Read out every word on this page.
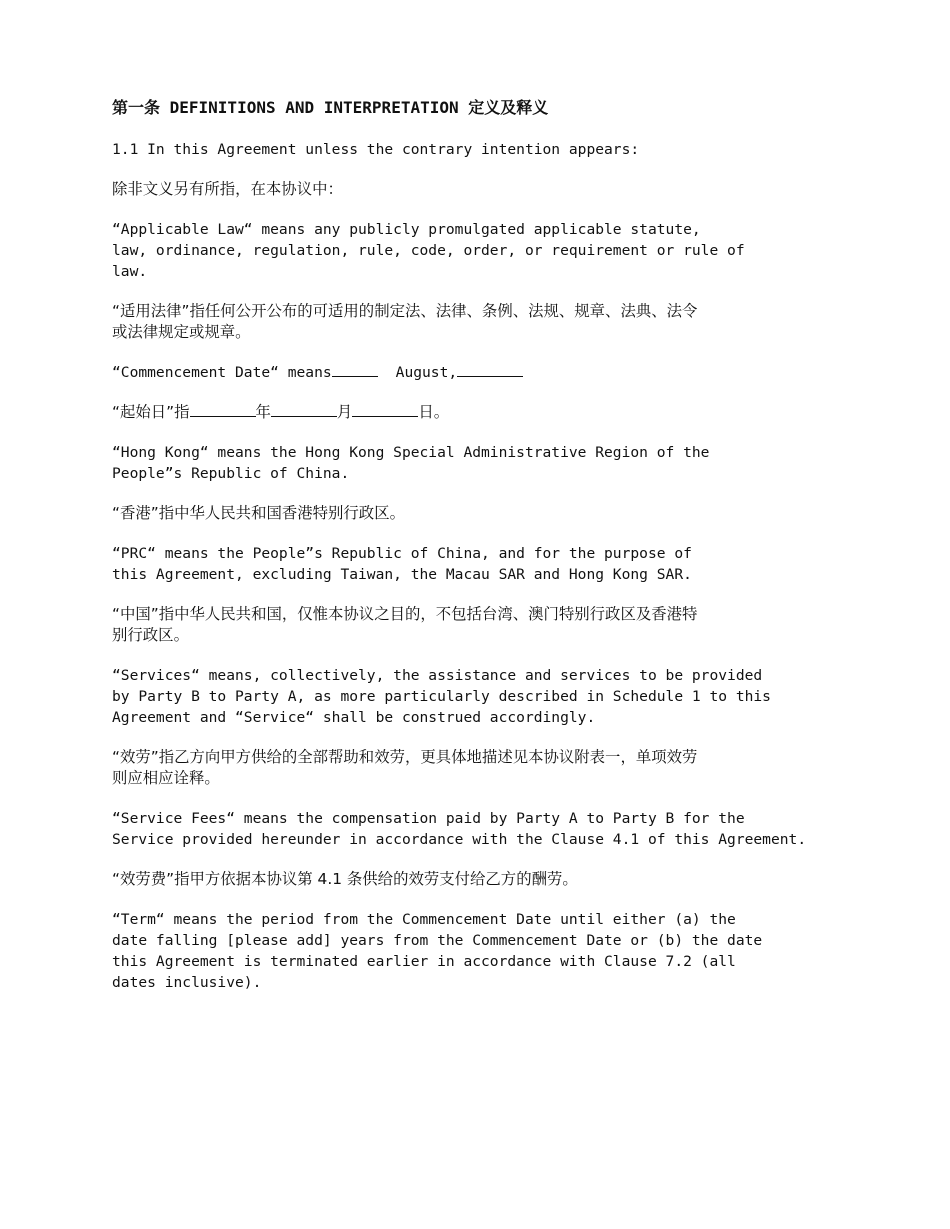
第一条 DEFINITIONS AND INTERPRETATION 定义及释义
1.1 In this Agreement unless the contrary intention appears:
除非文义另有所指，在本协议中：
“Applicable Law“ means any publicly promulgated applicable statute,
law, ordinance, regulation, rule, code, order, or requirement or rule of
law.
“适用法律”指任何公开公布的可适用的制定法、法律、条例、法规、规章、法典、法令
或法律规定或规章。
“Commencement Date“ means	August,
“起始日”指	年	月	日。
“Hong Kong“ means the Hong Kong Special Administrative Region of the
People”s Republic of China.
“香港”指中华人民共和国香港特别行政区。
“PRC“ means the People”s Republic of China, and for the purpose of
this Agreement, excluding Taiwan, the Macau SAR and Hong Kong SAR.
“中国”指中华人民共和国，仅惟本协议之目的，不包括台湾、澳门特别行政区及香港特
别行政区。
“Services“ means, collectively, the assistance and services to be provided
by Party B to Party A, as more particularly described in Schedule 1 to this
Agreement and “Service“ shall be construed accordingly.
“效劳”指乙方向甲方供给的全部帮助和效劳，更具体地描述见本协议附表一，单项效劳
则应相应诠释。
“Service Fees“ means the compensation paid by Party A to Party B for the
Service provided hereunder in accordance with the Clause 4.1 of this Agreement.
“效劳费”指甲方依据本协议第 4.1 条供给的效劳支付给乙方的酬劳。
“Term“ means the period from the Commencement Date until either (a) the
date falling [please add] years from the Commencement Date or (b) the date
this Agreement is terminated earlier in accordance with Clause 7.2 (all
dates inclusive).
